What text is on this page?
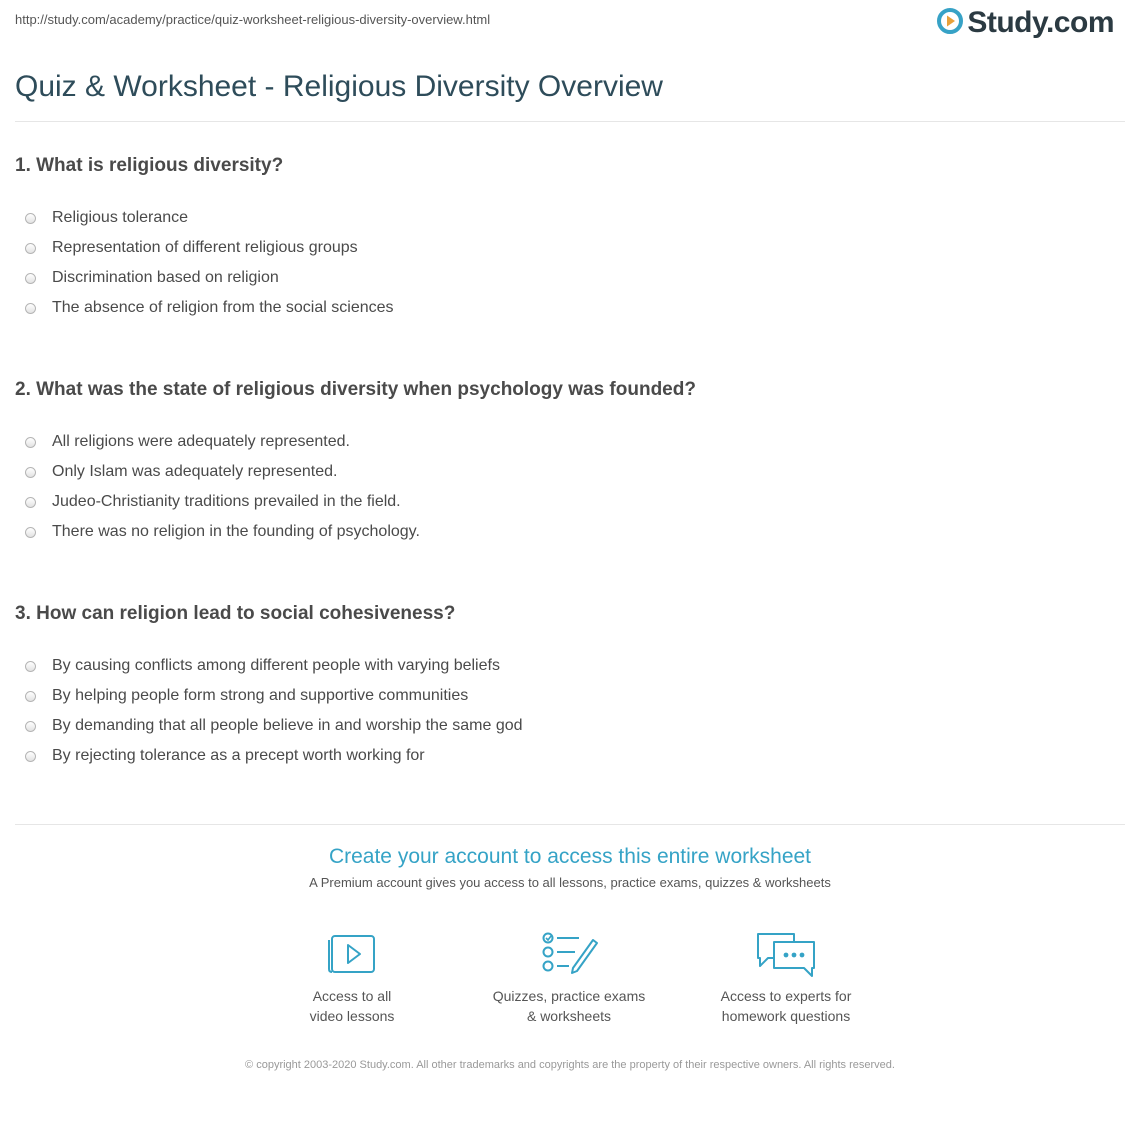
http://study.com/academy/practice/quiz-worksheet-religious-diversity-overview.html	Study.com
Quiz & Worksheet - Religious Diversity Overview

1. What is religious diversity?

Religious tolerance
Representation of different religious groups
Discrimination based on religion
The absence of religion from the social sciences

2. What was the state of religious diversity when psychology was founded?

All religions were adequately represented.
Only Islam was adequately represented.
Judeo-Christianity traditions prevailed in the field.
There was no religion in the founding of psychology.

3. How can religion lead to social cohesiveness?

By causing conflicts among different people with varying beliefs
By helping people form strong and supportive communities
By demanding that all people believe in and worship the same god
By rejecting tolerance as a precept worth working for
Create your account to access this entire worksheet
A Premium account gives you access to all lessons, practice exams, quizzes & worksheets
Access to all
video lessons
Quizzes, practice exams
& worksheets
Access to experts for
homework questions
© copyright 2003-2020 Study.com. All other trademarks and copyrights are the property of their respective owners. All rights reserved.
